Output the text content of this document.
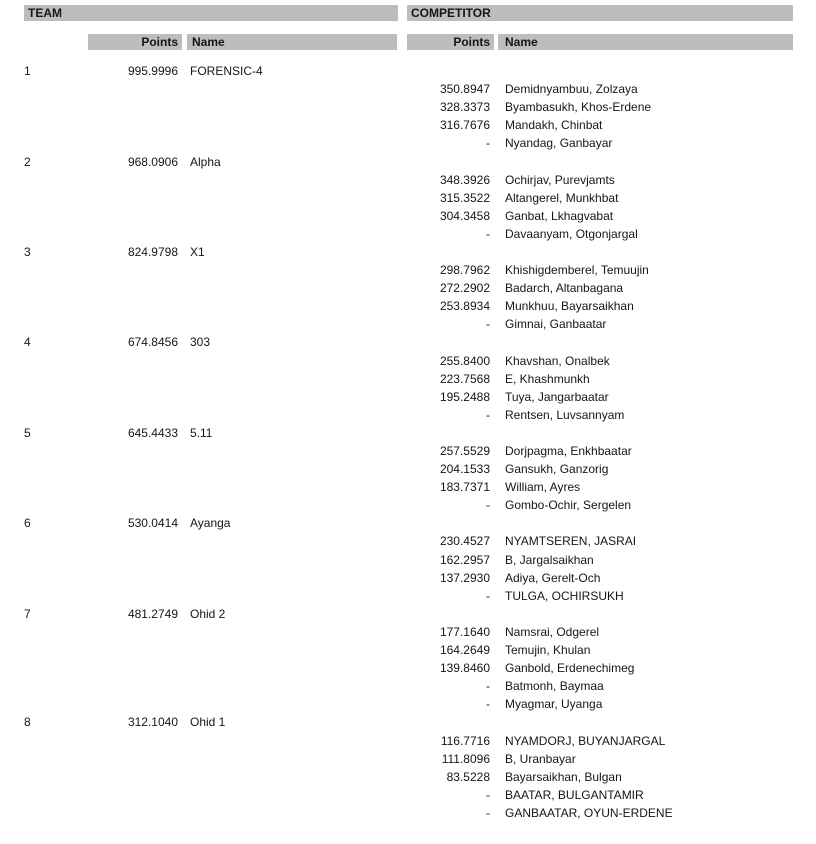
TEAM	COMPETITOR
Points	Name	Points	Name
1	995.9996	FORENSIC-4
350.8947	Demidnyambuu, Zolzaya
328.3373	Byambasukh, Khos-Erdene
316.7676	Mandakh, Chinbat
-	Nyandag, Ganbayar
2	968.0906	Alpha
348.3926	Ochirjav, Purevjamts
315.3522	Altangerel, Munkhbat
304.3458	Ganbat, Lkhagvabat
-	Davaanyam, Otgonjargal
3	824.9798	X1
298.7962	Khishigdemberel, Temuujin
272.2902	Badarch, Altanbagana
253.8934	Munkhuu, Bayarsaikhan
-	Gimnai, Ganbaatar
4	674.8456	303
255.8400	Khavshan, Onalbek
223.7568	E, Khashmunkh
195.2488	Tuya, Jangarbaatar
-	Rentsen, Luvsannyam
5	645.4433	5.11
257.5529	Dorjpagma, Enkhbaatar
204.1533	Gansukh, Ganzorig
183.7371	William, Ayres
-	Gombo-Ochir, Sergelen
6	530.0414	Ayanga
230.4527	NYAMTSEREN, JASRAI
162.2957	B, Jargalsaikhan
137.2930	Adiya, Gerelt-Och
-	TULGA, OCHIRSUKH
7	481.2749	Ohid 2
177.1640	Namsrai, Odgerel
164.2649	Temujin, Khulan
139.8460	Ganbold, Erdenechimeg
-	Batmonh, Baymaa
-	Myagmar, Uyanga
8	312.1040	Ohid 1
116.7716	NYAMDORJ, BUYANJARGAL
111.8096	B, Uranbayar
83.5228	Bayarsaikhan, Bulgan
-	BAATAR, BULGANTAMIR
-	GANBAATAR, OYUN-ERDENE
